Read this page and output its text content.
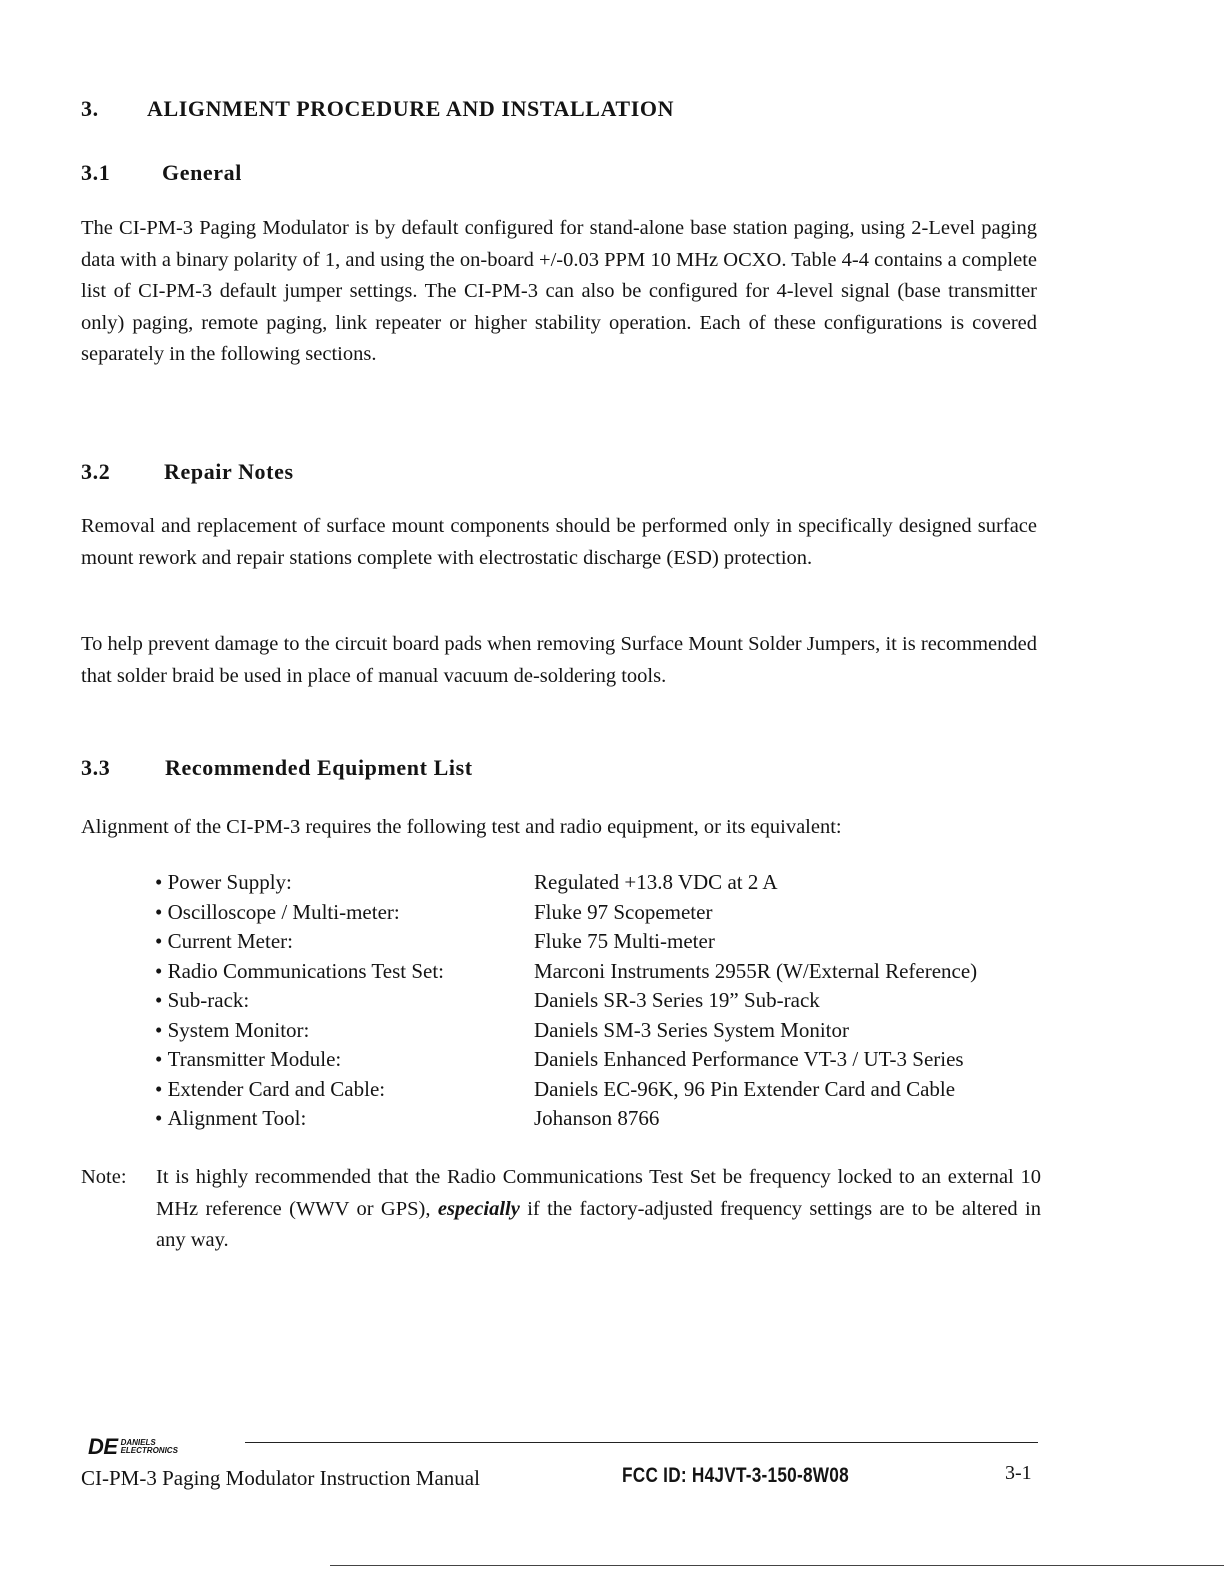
3. ALIGNMENT PROCEDURE AND INSTALLATION
3.1 General
The CI-PM-3 Paging Modulator is by default configured for stand-alone base station paging, using 2-Level paging data with a binary polarity of 1, and using the on-board +/-0.03 PPM 10 MHz OCXO. Table 4-4 contains a complete list of CI-PM-3 default jumper settings. The CI-PM-3 can also be configured for 4-level signal (base transmitter only) paging, remote paging, link repeater or higher stability operation. Each of these configurations is covered separately in the following sections.
3.2 Repair Notes
Removal and replacement of surface mount components should be performed only in specifically designed surface mount rework and repair stations complete with electrostatic discharge (ESD) protection.
To help prevent damage to the circuit board pads when removing Surface Mount Solder Jumpers, it is recommended that solder braid be used in place of manual vacuum de-soldering tools.
3.3 Recommended Equipment List
Alignment of the CI-PM-3 requires the following test and radio equipment, or its equivalent:
• Power Supply:	Regulated +13.8 VDC at 2 A
• Oscilloscope / Multi-meter:	Fluke 97 Scopemeter
• Current Meter:	Fluke 75 Multi-meter
• Radio Communications Test Set:	Marconi Instruments 2955R (W/External Reference)
• Sub-rack:	Daniels SR-3 Series 19” Sub-rack
• System Monitor:	Daniels SM-3 Series System Monitor
• Transmitter Module:	Daniels Enhanced Performance VT-3 / UT-3 Series
• Extender Card and Cable:	Daniels EC-96K, 96 Pin Extender Card and Cable
• Alignment Tool:	Johanson 8766
Note:	It is highly recommended that the Radio Communications Test Set be frequency locked to an external 10 MHz reference (WWV or GPS), especially if the factory-adjusted frequency settings are to be altered in any way.
DE DANIELS
ELECTRONICS
CI-PM-3 Paging Modulator Instruction Manual	FCC ID: H4JVT-3-150-8W08	3-1
